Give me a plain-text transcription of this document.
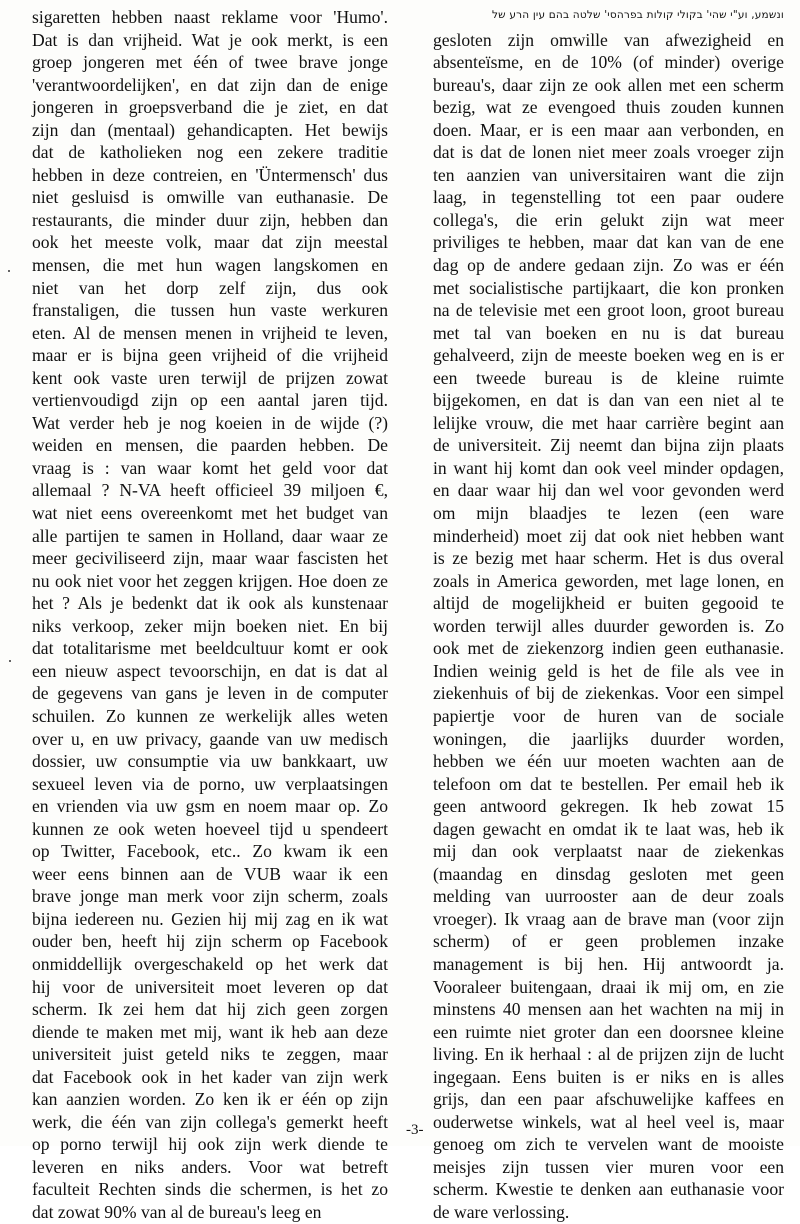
sigaretten hebben naast reklame voor 'Humo'.
Dat is dan vrijheid. Wat je ook merkt, is een
groep jongeren met één of twee brave jonge
'verantwoordelijken', en dat zijn dan de enige
jongeren in groepsverband die je ziet, en dat
zijn dan (mentaal) gehandicapten. Het bewijs
dat de katholieken nog een zekere traditie
hebben in deze contreien, en 'Üntermensch' dus
niet gesluisd is omwille van euthanasie. De
restaurants, die minder duur zijn, hebben dan
ook het meeste volk, maar dat zijn meestal
mensen, die met hun wagen langskomen en
niet van het dorp zelf zijn, dus ook
franstaligen, die tussen hun vaste werkuren
eten. Al de mensen menen in vrijheid te leven,
maar er is bijna geen vrijheid of die vrijheid
kent ook vaste uren terwijl de prijzen zowat
vertienvoudigd zijn op een aantal jaren tijd.
Wat verder heb je nog koeien in de wijde (?)
weiden en mensen, die paarden hebben. De
vraag is : van waar komt het geld voor dat
allemaal ? N-VA heeft officieel 39 miljoen €,
wat niet eens overeenkomt met het budget van
alle partijen te samen in Holland, daar waar ze
meer geciviliseerd zijn, maar waar fascisten het
nu ook niet voor het zeggen krijgen. Hoe doen ze
het ? Als je bedenkt dat ik ook als kunstenaar
niks verkoop, zeker mijn boeken niet. En bij
dat totalitarisme met beeldcultuur komt er ook
een nieuw aspect tevoorschijn, en dat is dat al
de gegevens van gans je leven in de computer
schuilen. Zo kunnen ze werkelijk alles weten
over u, en uw privacy, gaande van uw medisch
dossier, uw consumptie via uw bankkaart, uw
sexueel leven via de porno, uw verplaatsingen
en vrienden via uw gsm en noem maar op. Zo
kunnen ze ook weten hoeveel tijd u spendeert
op Twitter, Facebook, etc.. Zo kwam ik een
weer eens binnen aan de VUB waar ik een
brave jonge man merk voor zijn scherm, zoals
bijna iedereen nu. Gezien hij mij zag en ik wat
ouder ben, heeft hij zijn scherm op Facebook
onmiddellijk overgeschakeld op het werk dat
hij voor de universiteit moet leveren op dat
scherm. Ik zei hem dat hij zich geen zorgen
diende te maken met mij, want ik heb aan deze
universiteit juist geteld niks te zeggen, maar
dat Facebook ook in het kader van zijn werk
kan aanzien worden. Zo ken ik er één op zijn
werk, die één van zijn collega's gemerkt heeft
op porno terwijl hij ook zijn werk diende te
leveren en niks anders. Voor wat betreft
faculteit Rechten sinds die schermen, is het zo
dat zowat 90% van al de bureau's leeg en
ונשמע, וע"י שהי' בקולי קולות בפרהסי' שלטה בהם עין הרע של
gesloten zijn omwille van afwezigheid en
absenteïsme, en de 10% (of minder) overige
bureau's, daar zijn ze ook allen met een scherm
bezig, wat ze evengoed thuis zouden kunnen
doen. Maar, er is een maar aan verbonden, en
dat is dat de lonen niet meer zoals vroeger zijn
ten aanzien van universitairen want die zijn
laag, in tegenstelling tot een paar oudere
collega's, die erin gelukt zijn wat meer
priviliges te hebben, maar dat kan van de ene
dag op de andere gedaan zijn. Zo was er één
met socialistische partijkaart, die kon pronken
na de televisie met een groot loon, groot bureau
met tal van boeken en nu is dat bureau
gehalveerd, zijn de meeste boeken weg en is er
een tweede bureau is de kleine ruimte
bijgekomen, en dat is dan van een niet al te
lelijke vrouw, die met haar carrière begint aan
de universiteit. Zij neemt dan bijna zijn plaats
in want hij komt dan ook veel minder opdagen,
en daar waar hij dan wel voor gevonden werd
om mijn blaadjes te lezen (een ware
minderheid) moet zij dat ook niet hebben want
is ze bezig met haar scherm. Het is dus overal
zoals in America geworden, met lage lonen, en
altijd de mogelijkheid er buiten gegooid te
worden terwijl alles duurder geworden is. Zo
ook met de ziekenzorg indien geen euthanasie.
Indien weinig geld is het de file als vee in
ziekenhuis of bij de ziekenkas. Voor een simpel
papiertje voor de huren van de sociale
woningen, die jaarlijks duurder worden,
hebben we één uur moeten wachten aan de
telefoon om dat te bestellen. Per email heb ik
geen antwoord gekregen. Ik heb zowat 15
dagen gewacht en omdat ik te laat was, heb ik
mij dan ook verplaatst naar de ziekenkas
(maandag en dinsdag gesloten met geen
melding van uurrooster aan de deur zoals
vroeger). Ik vraag aan de brave man (voor zijn
scherm) of er geen problemen inzake
management is bij hen. Hij antwoordt ja.
Vooraleer buitengaan, draai ik mij om, en zie
minstens 40 mensen aan het wachten na mij in
een ruimte niet groter dan een doorsnee kleine
living. En ik herhaal : al de prijzen zijn de lucht
ingegaan. Eens buiten is er niks en is alles
grijs, dan een paar afschuwelijke kaffees en
ouderwetse winkels, wat al heel veel is, maar
genoeg om zich te vervelen want de mooiste
meisjes zijn tussen vier muren voor een
scherm. Kwestie te denken aan euthanasie voor
de ware verlossing.
-3-
